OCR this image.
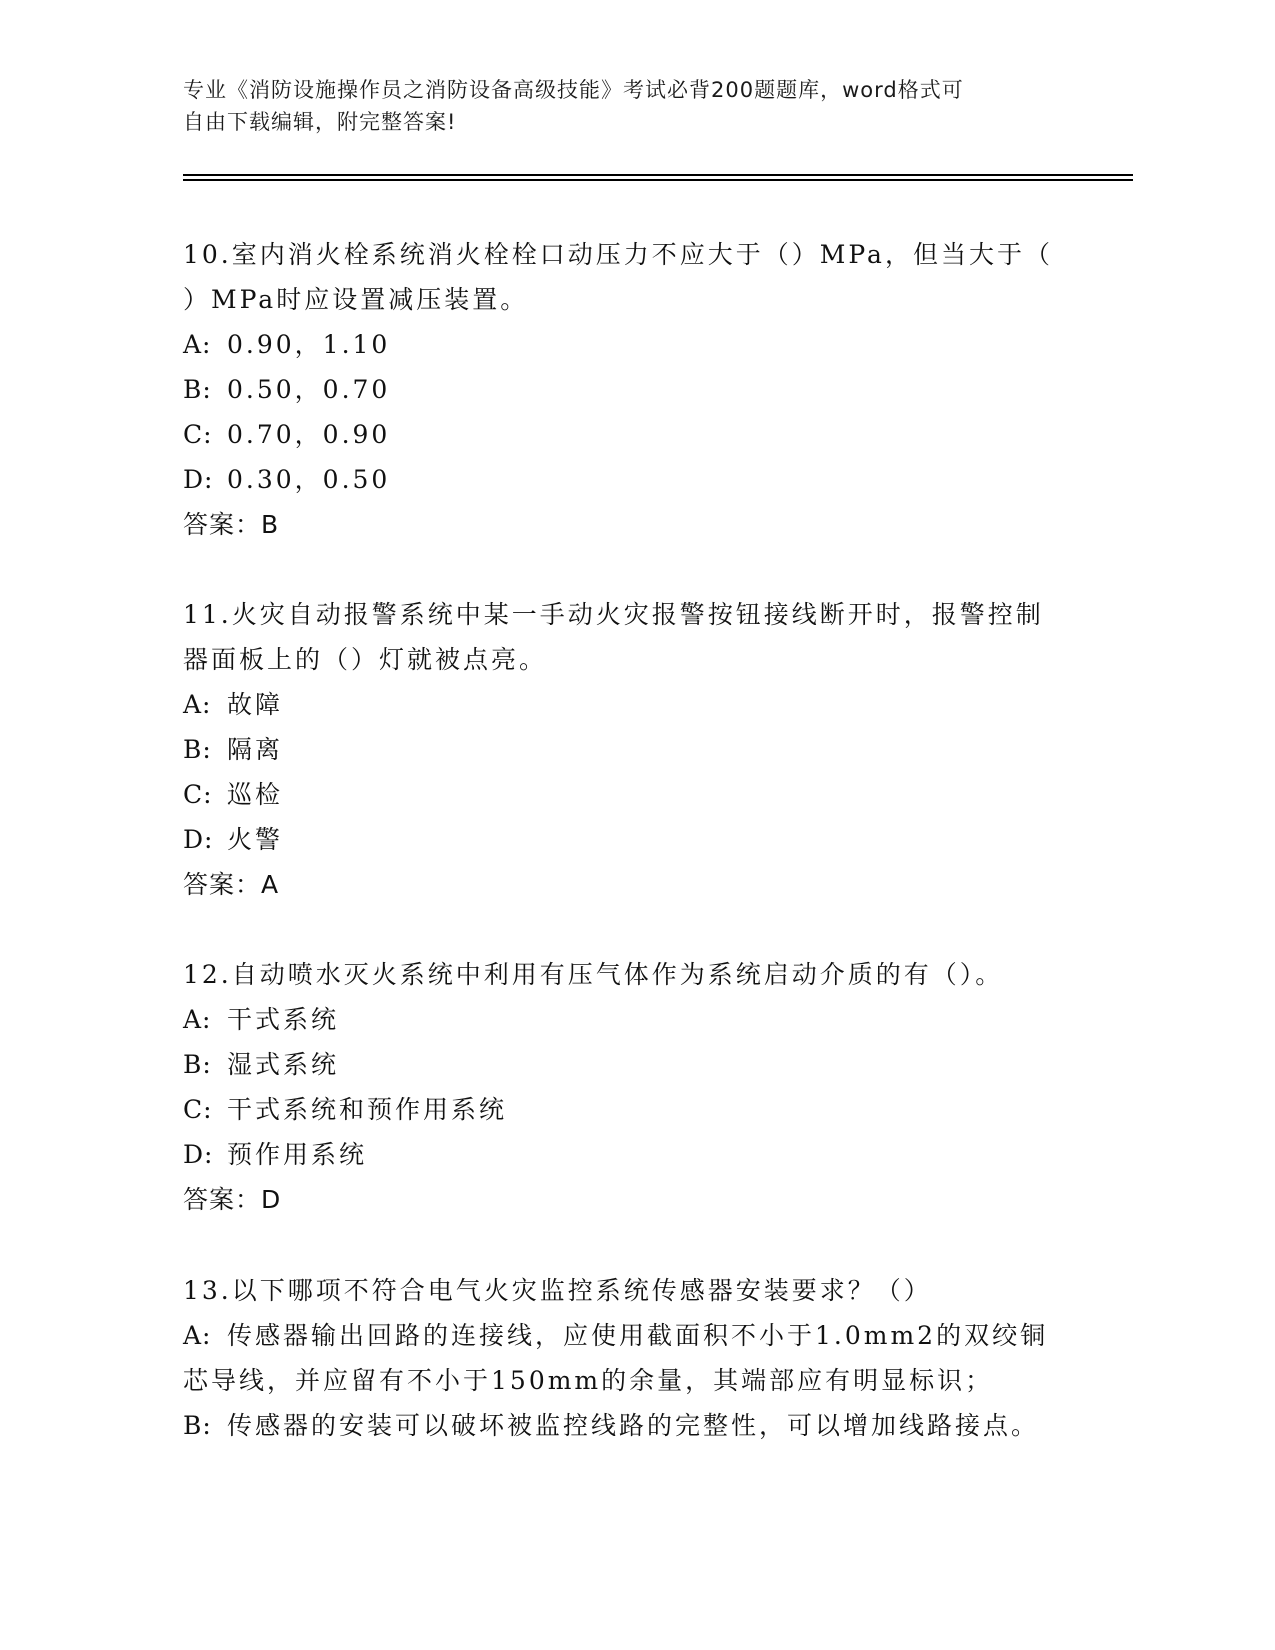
专业《消防设施操作员之消防设备高级技能》考试必背200题题库，word格式可
自由下载编辑，附完整答案!
10.室内消火栓系统消火栓栓口动压力不应大于（）MPa，但当大于（
）MPa时应设置减压装置。
A: 0.90，1.10
B: 0.50，0.70
C: 0.70，0.90
D: 0.30，0.50
答案：B
11.火灾自动报警系统中某一手动火灾报警按钮接线断开时，报警控制
器面板上的（）灯就被点亮。
A: 故障
B: 隔离
C: 巡检
D: 火警
答案：A
12.自动喷水灭火系统中利用有压气体作为系统启动介质的有（）。
A: 干式系统
B: 湿式系统
C: 干式系统和预作用系统
D: 预作用系统
答案：D
13.以下哪项不符合电气火灾监控系统传感器安装要求？（）
A: 传感器输出回路的连接线，应使用截面积不小于1.0mm2的双绞铜
芯导线，并应留有不小于150mm的余量，其端部应有明显标识；
B: 传感器的安装可以破坏被监控线路的完整性，可以增加线路接点。
